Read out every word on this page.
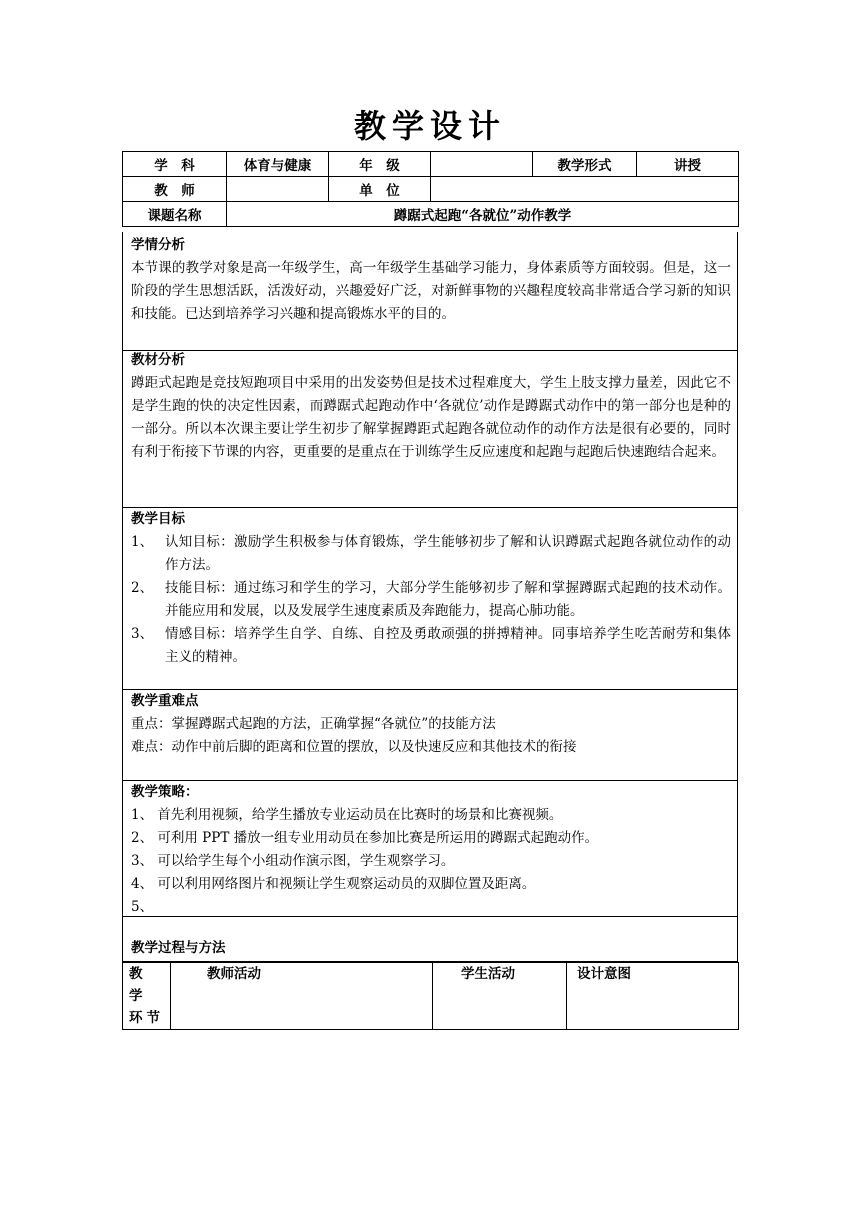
教学设计
学　科	体育与健康	年　级		教学形式	讲授
教　师		单　位			
课题名称	蹲踞式起跑“各就位”动作教学				
学情分析
本节课的教学对象是高一年级学生，高一年级学生基础学习能力，身体素质等方面较弱。但是，这一阶段的学生思想活跃，活泼好动，兴趣爱好广泛，对新鲜事物的兴趣程度较高非常适合学习新的知识和技能。已达到培养学习兴趣和提高锻炼水平的目的。
教材分析
蹲距式起跑是竞技短跑项目中采用的出发姿势但是技术过程难度大，学生上肢支撑力量差，因此它不是学生跑的快的决定性因素，而蹲踞式起跑动作中‘各就位’动作是蹲踞式动作中的第一部分也是种的一部分。所以本次课主要让学生初步了解掌握蹲距式起跑各就位动作的动作方法是很有必要的，同时有利于衔接下节课的内容，更重要的是重点在于训练学生反应速度和起跑与起跑后快速跑结合起来。
教学目标
1、 认知目标：激励学生积极参与体育锻炼，学生能够初步了解和认识蹲踞式起跑各就位动作的动作方法。
2、 技能目标：通过练习和学生的学习，大部分学生能够初步了解和掌握蹲踞式起跑的技术动作。并能应用和发展，以及发展学生速度素质及奔跑能力，提高心肺功能。
3、 情感目标：培养学生自学、自练、自控及勇敢顽强的拼搏精神。同事培养学生吃苦耐劳和集体主义的精神。
教学重难点
重点：掌握蹲踞式起跑的方法，正确掌握“各就位”的技能方法
难点：动作中前后脚的距离和位置的摆放，以及快速反应和其他技术的衔接
教学策略：
1、 首先利用视频，给学生播放专业运动员在比赛时的场景和比赛视频。
2、 可利用 PPT 播放一组专业用动员在参加比赛是所运用的蹲踞式起跑动作。
3、 可以给学生每个小组动作演示图，学生观察学习。
4、 可以利用网络图片和视频让学生观察运动员的双脚位置及距离。
5、
教学过程与方法
教 学 环节	教师活动	学生活动	设计意图
